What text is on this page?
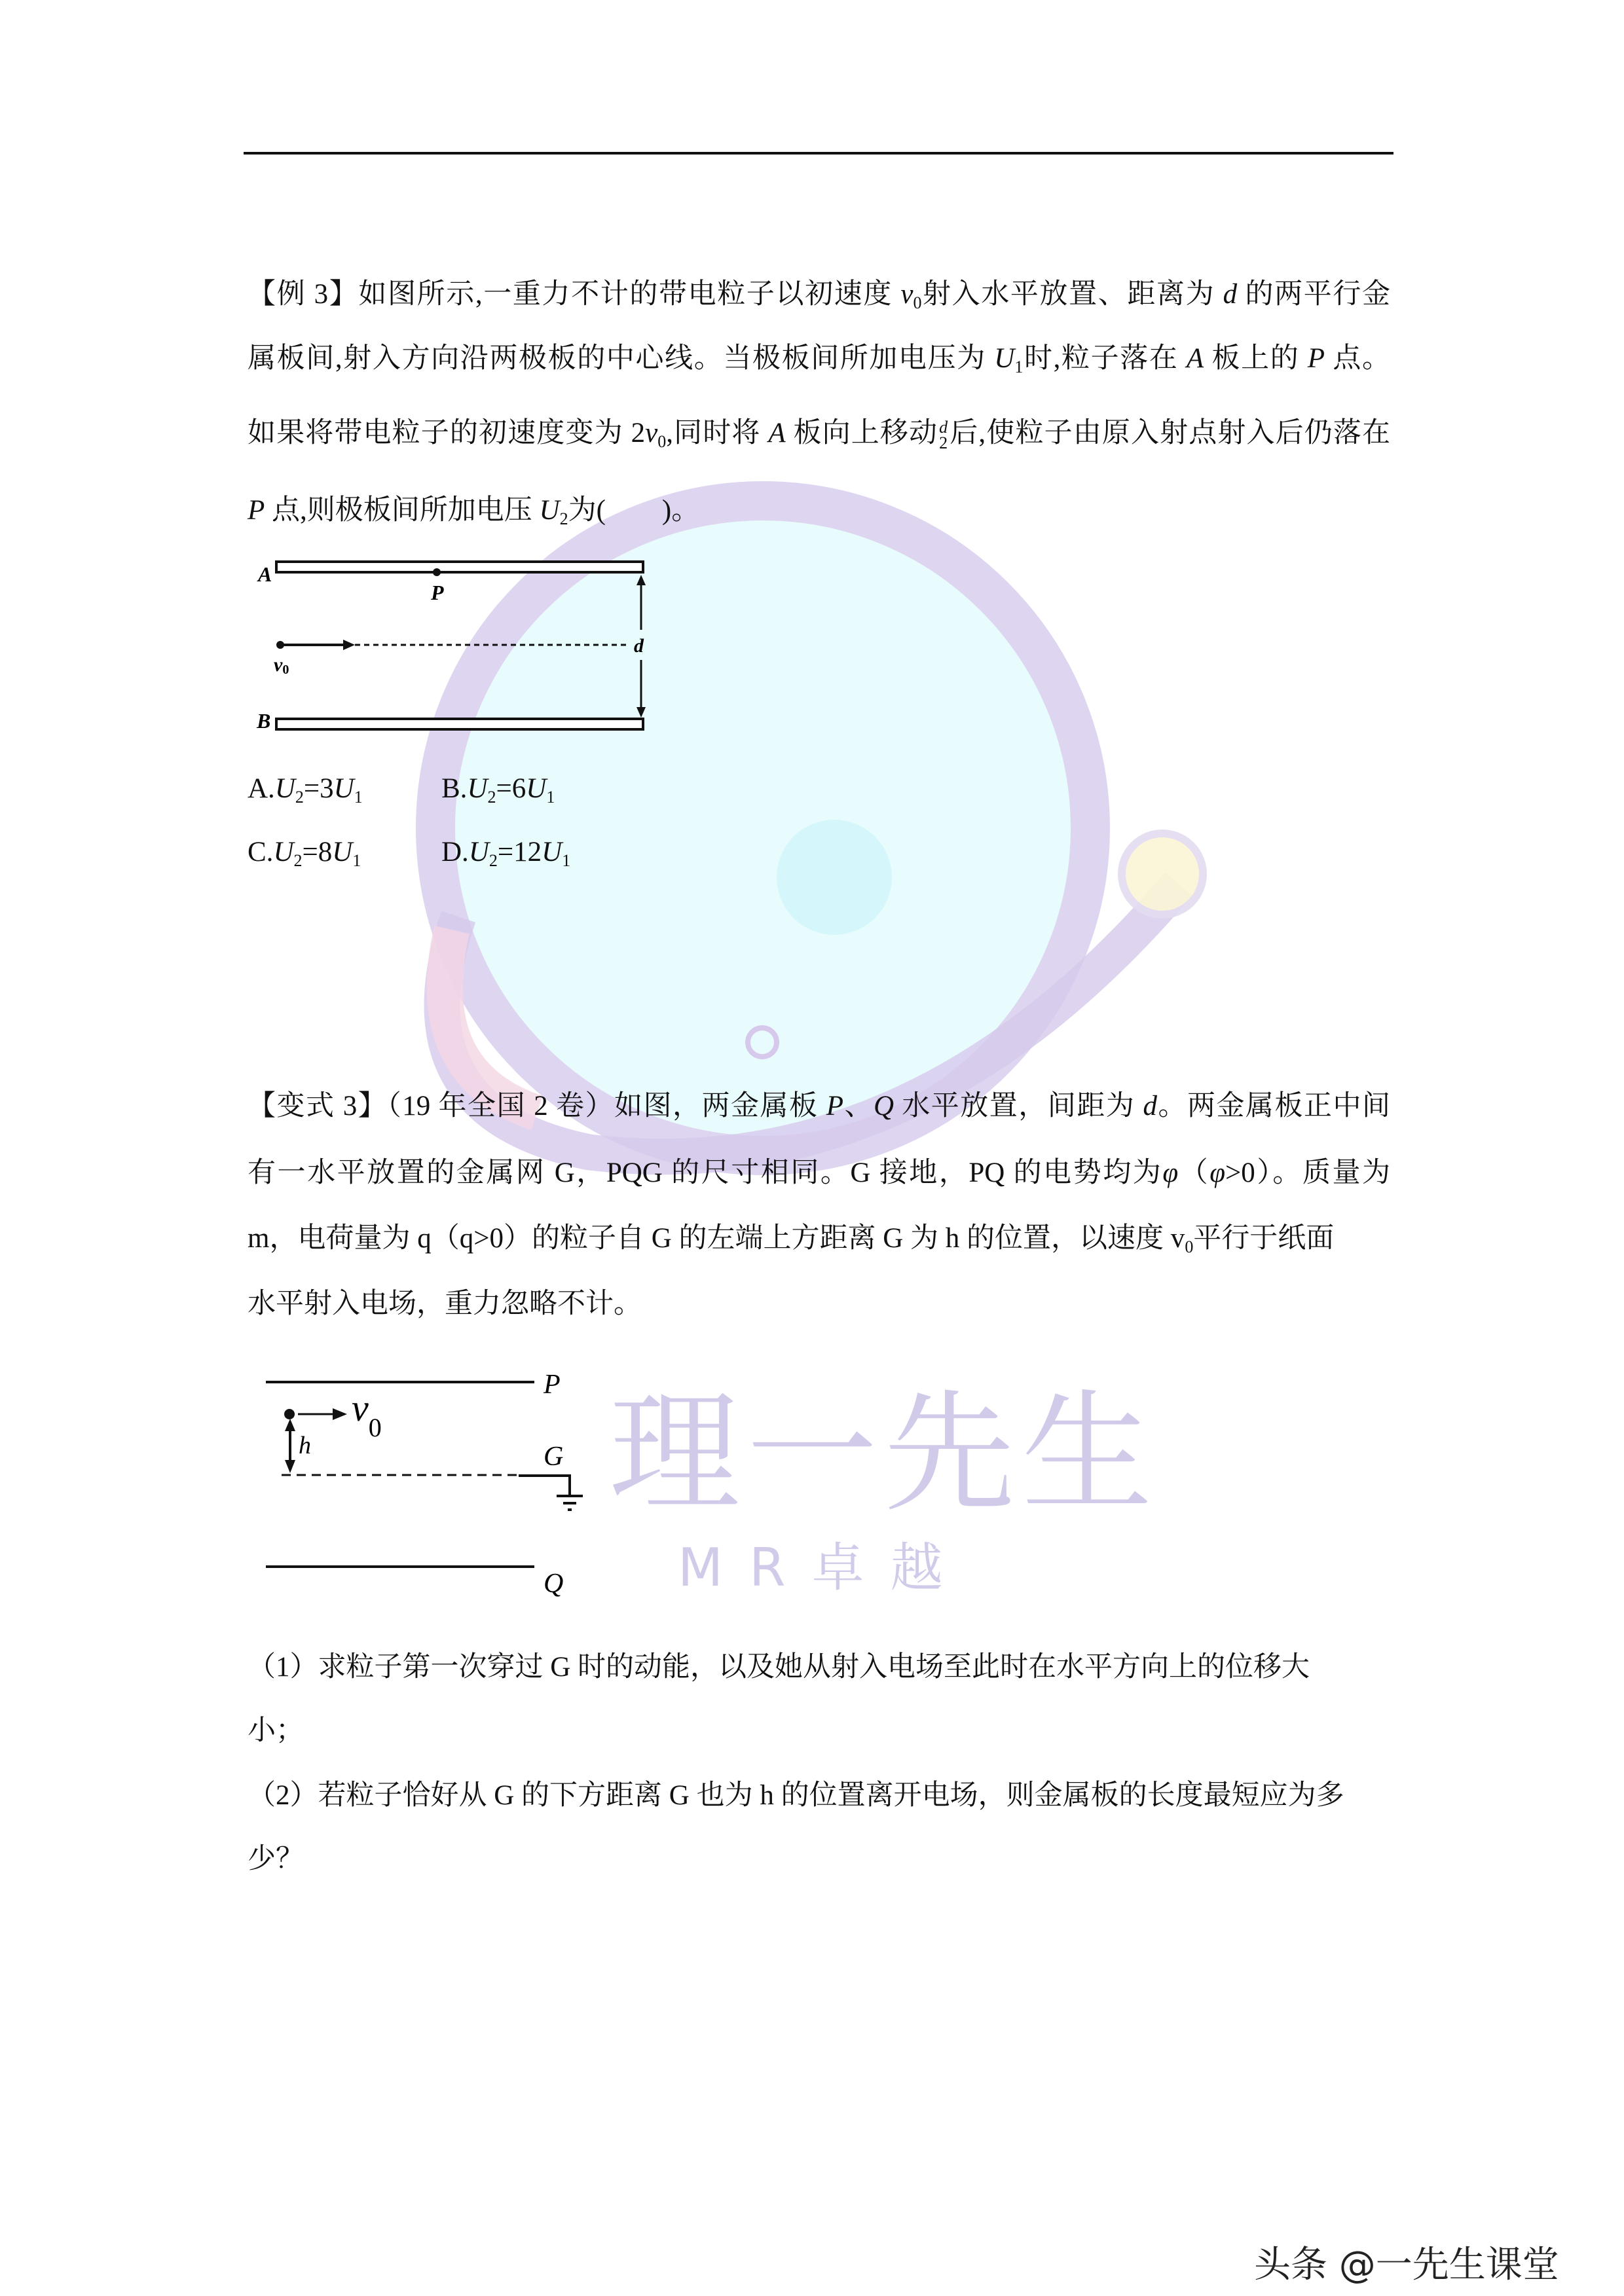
理一先生
MR卓越
【例 3】如图所示,一重力不计的带电粒子以初速度 $v_0$射入水平放置、距离为 d 的两平行金
属板间,射入方向沿两极板的中心线。当极板间所加电压为 $U_1$时,粒子落在 A 板上的 P 点。
如果将带电粒子的初速度变为 $2v_0$,同时将 A 板向上移动 d
2 后,使粒子由原入射点射入后仍落在
P 点,则极板间所加电压 $U_2$为(　　)。
A
B
P
v0
d
$A.U_2=3U_1$	$B.U_2=6U_1$
$C.U_2=8U_1$	$D.U_2=12U_1$
【变式 3】（19 年全国 2 卷）如图，两金属板 P、Q 水平放置，间距为 d。两金属板正中间
有一水平放置的金属网 G，PQG 的尺寸相同。G 接地，PQ 的电势均为φ（φ>0）。质量为
m，电荷量为 q（q>0）的粒子自 G 的左端上方距离 G 为 h 的位置，以速度 $v_0$平行于纸面
水平射入电场，重力忽略不计。
P
$v_0$
h	G
Q
（1）求粒子第一次穿过 G 时的动能，以及她从射入电场至此时在水平方向上的位移大
小；
（2）若粒子恰好从 G 的下方距离 G 也为 h 的位置离开电场，则金属板的长度最短应为多
少？
头条 @一先生课堂
